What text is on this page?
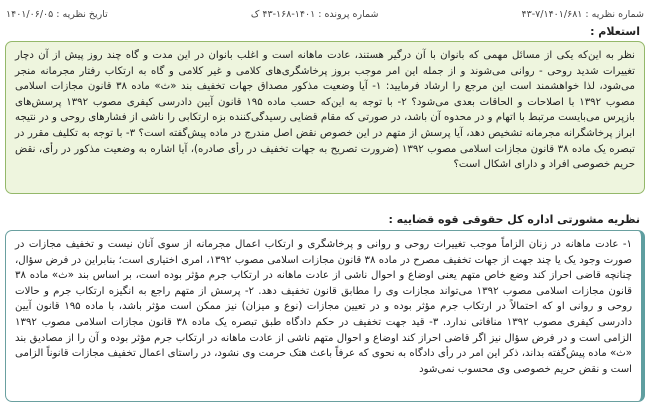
شماره نظریه : ۷/۱۴۰۱/۶۸۱-۴۳
شماره پرونده : ۱۴۰۱-۱۶۸-۴۳ ک
تاریخ نظریه : ۱۴۰۱/۰۶/۰۵
استعلام :

نظر به این‌که یکی از مسائل مهمی که بانوان با آن درگیر هستند، عادت ماهانه است و اغلب بانوان در این مدت و گاه چند روز پیش از آن دچار تغییرات شدید روحی - روانی می‌شوند و از جمله این امر موجب بروز پرخاشگری‌های کلامی و غیر کلامی و گاه به ارتکاب رفتار مجرمانه منجر می‌شود، لذا خواهشمند است این مرجع را ارشاد فرمایید: ۱- آیا وضعیت مذکور مصداق جهات تخفیف بند «ث» ماده ۳۸ قانون مجازات اسلامی مصوب ۱۳۹۲ با اصلاحات و الحاقات بعدی می‌شود؟ ۲- با توجه به این‌که حسب ماده ۱۹۵ قانون آیین دادرسی کیفری مصوب ۱۳۹۲ پرسش‌های بازپرس می‌بایست مرتبط با اتهام و در محدوه آن باشد، در صورتی که مقام قضایی رسیدگی‌کننده بزه ارتکابی را ناشی از فشارهای روحی و در نتیجه ابراز پرخاشگرانه مجرمانه تشخیص دهد، آیا پرسش از متهم در این خصوص نقض اصل مندرج در ماده پیش‌گفته است؟ ۳- با توجه به تکلیف مقرر در تبصره یک ماده ۳۸ قانون مجازات اسلامی مصوب ۱۳۹۲ (ضرورت تصریح به جهات تخفیف در رأی صادره)، آیا اشاره به وضعیت مذکور در رأی، نقض حریم خصوصی افراد و دارای اشکال است؟

نظریه مشورتی اداره کل حقوقی قوه قضاییه :

۱- عادت ماهانه در زنان الزاماً موجب تغییرات روحی و روانی و پرخاشگری و ارتکاب اعمال مجرمانه از سوی آنان نیست و تخفیف مجازات در صورت وجود یک یا چند جهت از جهات تخفیف مصرح در ماده ۳۸ قانون مجازات اسلامی مصوب ۱۳۹۲، امری اختیاری است؛ بنابراین در فرض سؤال، چنانچه قاضی احراز کند وضع خاص متهم یعنی اوضاع و احوال ناشی از عادت ماهانه در ارتکاب جرم مؤثر بوده است، بر اساس بند «ث» ماده ۳۸ قانون مجازات اسلامی مصوب ۱۳۹۲ می‌تواند مجازات وی را مطابق قانون تخفیف دهد. ۲- پرسش از متهم راجع به انگیزه ارتکاب جرم و حالات روحی و روانی او که احتمالاً در ارتکاب جرم مؤثر بوده و در تعیین مجازات (نوع و میزان) نیز ممکن است مؤثر باشد، با ماده ۱۹۵ قانون آیین دادرسی کیفری مصوب ۱۳۹۲ منافاتی ندارد. ۳- قید جهت تخفیف در حکم دادگاه طبق تبصره یک ماده ۳۸ قانون مجازات اسلامی مصوب ۱۳۹۲ الزامی است و در فرض سؤال نیز اگر قاضی احراز کند اوضاع و احوال متهم ناشی از عادت ماهانه در ارتکاب جرم مؤثر بوده و آن را از مصادیق بند «ث» ماده پیش‌گفته بداند، ذکر این امر در رأی دادگاه به نحوی که عرفاً باعث هتک حرمت وی نشود، در راستای اعمال تخفیف مجازات قانوناً الزامی است و نقض حریم خصوصی وی محسوب نمی‌شود
